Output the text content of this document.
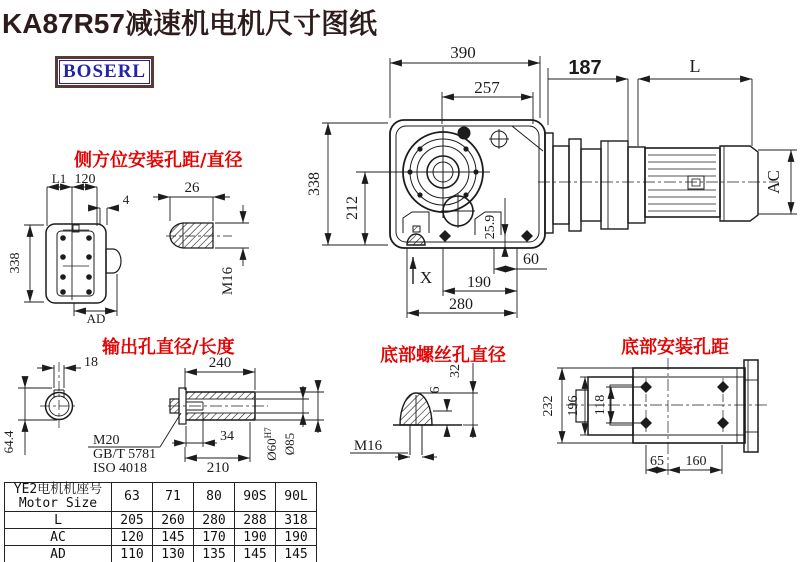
390
257
187	L
338
212
25.9
X
60
190
280
AC
L1 120
4
338
AD
26
M16
18
64.4
240
34
210
M20
GB/T 5781
ISO 4018
$Ø60^{H7}$ Ø85	M16
6
32
232 196 118
65 160
KA87R57减速机电机尺寸图纸
BOSERL
侧方位安装孔距/直径
输出孔直径/长度	底部螺丝孔直径	底部安装孔距
YE2电机机座号
Motor Size	63	71	80	90S	90L
L	205	260	280	288	318
AC	120	145	170	190	190
AD	110	130	135	145	145
